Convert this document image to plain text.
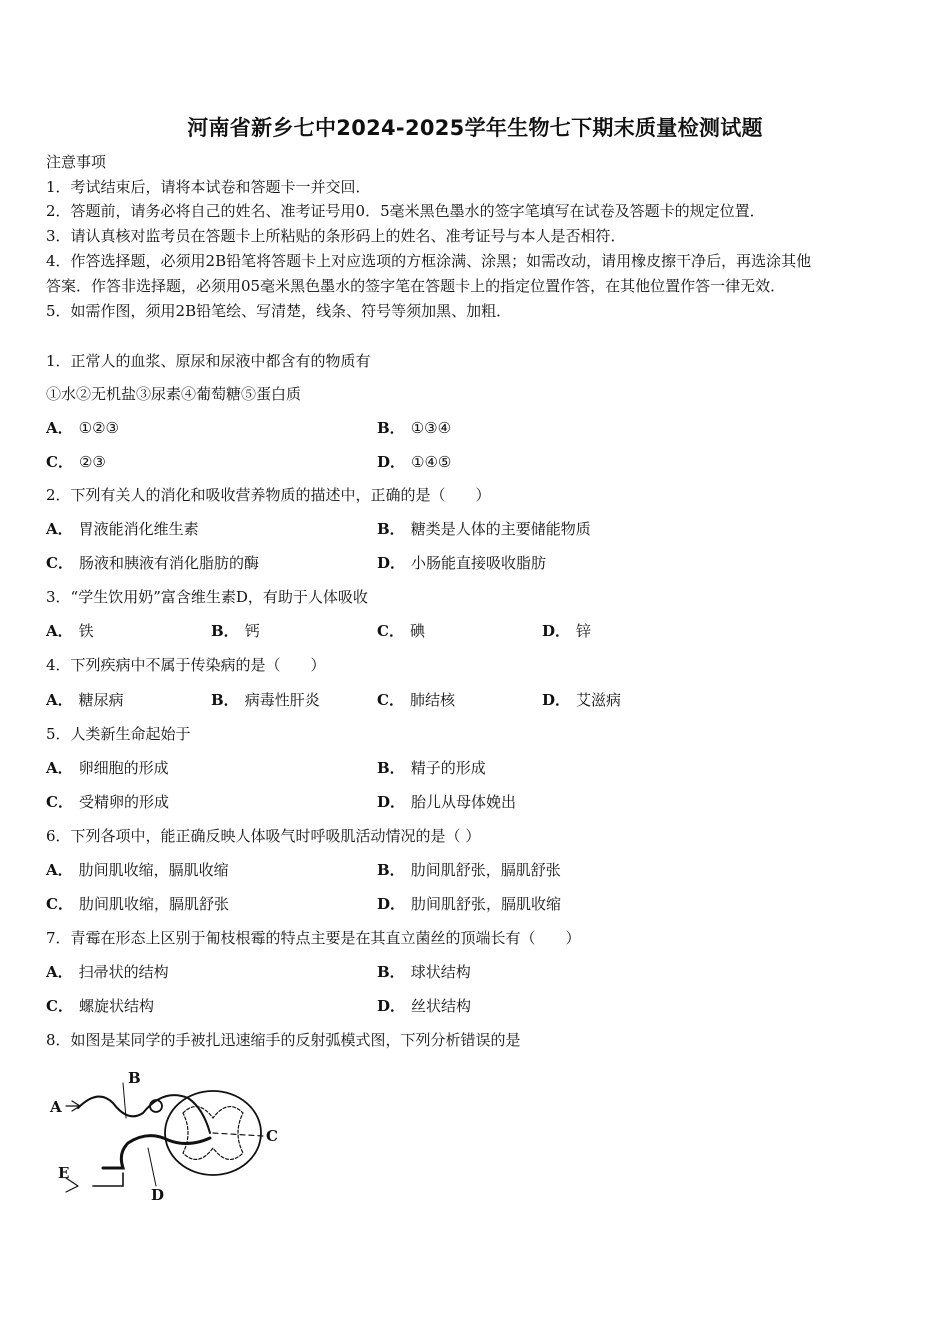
河南省新乡七中2024-2025学年生物七下期末质量检测试题
注意事项
1．考试结束后，请将本试卷和答题卡一并交回．
2．答题前，请务必将自己的姓名、准考证号用0．5毫米黑色墨水的签字笔填写在试卷及答题卡的规定位置．
3．请认真核对监考员在答题卡上所粘贴的条形码上的姓名、准考证号与本人是否相符．
4．作答选择题，必须用2B铅笔将答题卡上对应选项的方框涂满、涂黑；如需改动，请用橡皮擦干净后，再选涂其他
答案．作答非选择题，必须用05毫米黑色墨水的签字笔在答题卡上的指定位置作答，在其他位置作答一律无效．
5．如需作图，须用2B铅笔绘、写清楚，线条、符号等须加黑、加粗．
1．正常人的血浆、原尿和尿液中都含有的物质有
①水②无机盐③尿素④葡萄糖⑤蛋白质
A． ①②③	B． ①③④
C． ②③	D． ①④⑤
2．下列有关人的消化和吸收营养物质的描述中，正确的是（　　）
A． 胃液能消化维生素	B． 糖类是人体的主要储能物质
C． 肠液和胰液有消化脂肪的酶	D． 小肠能直接吸收脂肪
3．“学生饮用奶”富含维生素D，有助于人体吸收
A． 铁	B． 钙	C． 碘	D． 锌
4．下列疾病中不属于传染病的是（　　）
A． 糖尿病	B． 病毒性肝炎	C． 肺结核	D． 艾滋病
5．人类新生命起始于
A． 卵细胞的形成	B． 精子的形成
C． 受精卵的形成	D． 胎儿从母体娩出
6．下列各项中，能正确反映人体吸气时呼吸肌活动情况的是（ ）
A． 肋间肌收缩，膈肌收缩	B． 肋间肌舒张，膈肌舒张
C． 肋间肌收缩，膈肌舒张	D． 肋间肌舒张，膈肌收缩
7．青霉在形态上区别于匍枝根霉的特点主要是在其直立菌丝的顶端长有（　　）
A． 扫帚状的结构	B． 球状结构
C． 螺旋状结构	D． 丝状结构
8．如图是某同学的手被扎迅速缩手的反射弧模式图，下列分析错误的是
A
B
C
D
E
